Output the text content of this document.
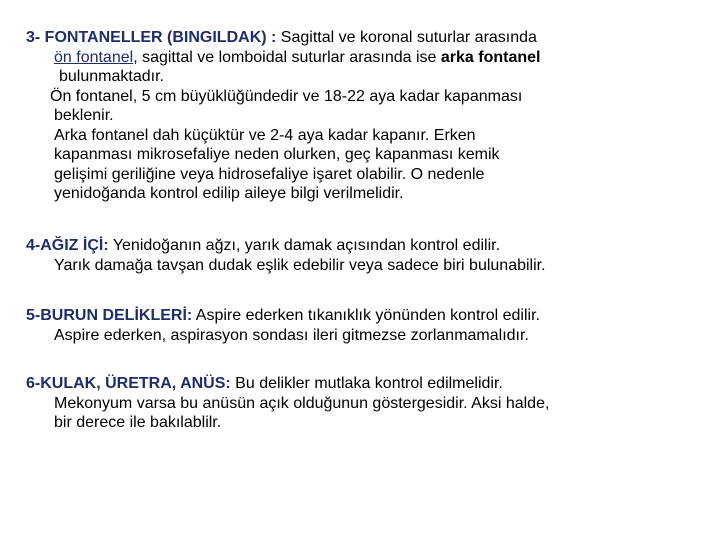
3- FONTANELLER (BINGILDAK) : Sagittal ve koronal suturlar arasında
ön fontanel, sagittal ve lomboidal suturlar arasında ise arka fontanel
bulunmaktadır.
Ön fontanel, 5 cm büyüklüğündedir ve 18-22 aya kadar kapanması
beklenir.
Arka fontanel dah küçüktür ve 2-4 aya kadar kapanır. Erken
kapanması mikrosefaliye neden olurken, geç kapanması kemik
gelişimi geriliğine veya hidrosefaliye işaret olabilir. O nedenle
yenidoğanda kontrol edilip aileye bilgi verilmelidir.
4-AĞIZ İÇİ: Yenidoğanın ağzı, yarık damak açısından kontrol edilir.
Yarık damağa tavşan dudak eşlik edebilir veya sadece biri bulunabilir.
5-BURUN DELİKLERİ: Aspire ederken tıkanıklık yönünden kontrol edilir.
Aspire ederken, aspirasyon sondası ileri gitmezse zorlanmamalıdır.
6-KULAK, ÜRETRA, ANÜS: Bu delikler mutlaka kontrol edilmelidir.
Mekonyum varsa bu anüsün açık olduğunun göstergesidir. Aksi halde,
bir derece ile bakılablilr.
